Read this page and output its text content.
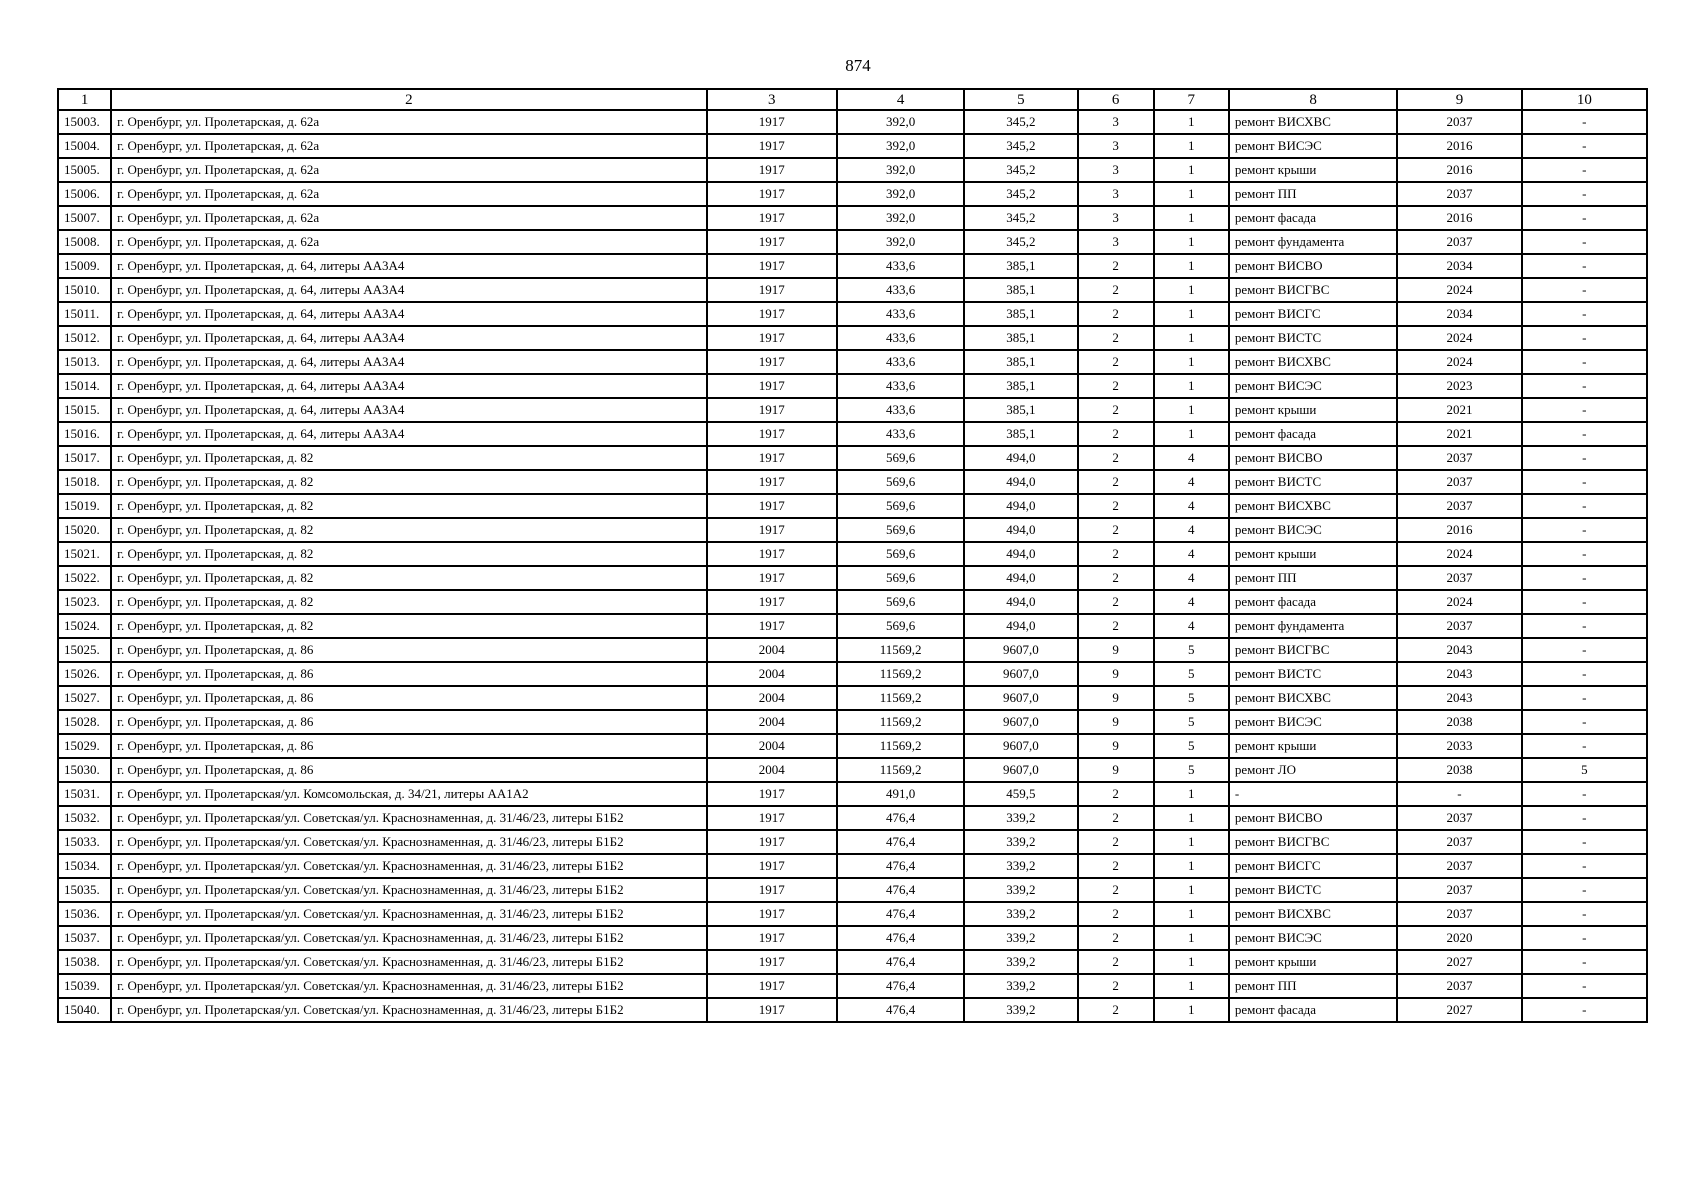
874
1	2	3	4	5	6	7	8	9	10
15003.	г. Оренбург, ул. Пролетарская, д. 62а	1917	392,0	345,2	3	1	ремонт ВИСХВС	2037	-
15004.	г. Оренбург, ул. Пролетарская, д. 62а	1917	392,0	345,2	3	1	ремонт ВИСЭС	2016	-
15005.	г. Оренбург, ул. Пролетарская, д. 62а	1917	392,0	345,2	3	1	ремонт крыши	2016	-
15006.	г. Оренбург, ул. Пролетарская, д. 62а	1917	392,0	345,2	3	1	ремонт ПП	2037	-
15007.	г. Оренбург, ул. Пролетарская, д. 62а	1917	392,0	345,2	3	1	ремонт фасада	2016	-
15008.	г. Оренбург, ул. Пролетарская, д. 62а	1917	392,0	345,2	3	1	ремонт фундамента	2037	-
15009.	г. Оренбург, ул. Пролетарская, д. 64, литеры АА3А4	1917	433,6	385,1	2	1	ремонт ВИСВО	2034	-
15010.	г. Оренбург, ул. Пролетарская, д. 64, литеры АА3А4	1917	433,6	385,1	2	1	ремонт ВИСГВС	2024	-
15011.	г. Оренбург, ул. Пролетарская, д. 64, литеры АА3А4	1917	433,6	385,1	2	1	ремонт ВИСГС	2034	-
15012.	г. Оренбург, ул. Пролетарская, д. 64, литеры АА3А4	1917	433,6	385,1	2	1	ремонт ВИСТС	2024	-
15013.	г. Оренбург, ул. Пролетарская, д. 64, литеры АА3А4	1917	433,6	385,1	2	1	ремонт ВИСХВС	2024	-
15014.	г. Оренбург, ул. Пролетарская, д. 64, литеры АА3А4	1917	433,6	385,1	2	1	ремонт ВИСЭС	2023	-
15015.	г. Оренбург, ул. Пролетарская, д. 64, литеры АА3А4	1917	433,6	385,1	2	1	ремонт крыши	2021	-
15016.	г. Оренбург, ул. Пролетарская, д. 64, литеры АА3А4	1917	433,6	385,1	2	1	ремонт фасада	2021	-
15017.	г. Оренбург, ул. Пролетарская, д. 82	1917	569,6	494,0	2	4	ремонт ВИСВО	2037	-
15018.	г. Оренбург, ул. Пролетарская, д. 82	1917	569,6	494,0	2	4	ремонт ВИСТС	2037	-
15019.	г. Оренбург, ул. Пролетарская, д. 82	1917	569,6	494,0	2	4	ремонт ВИСХВС	2037	-
15020.	г. Оренбург, ул. Пролетарская, д. 82	1917	569,6	494,0	2	4	ремонт ВИСЭС	2016	-
15021.	г. Оренбург, ул. Пролетарская, д. 82	1917	569,6	494,0	2	4	ремонт крыши	2024	-
15022.	г. Оренбург, ул. Пролетарская, д. 82	1917	569,6	494,0	2	4	ремонт ПП	2037	-
15023.	г. Оренбург, ул. Пролетарская, д. 82	1917	569,6	494,0	2	4	ремонт фасада	2024	-
15024.	г. Оренбург, ул. Пролетарская, д. 82	1917	569,6	494,0	2	4	ремонт фундамента	2037	-
15025.	г. Оренбург, ул. Пролетарская, д. 86	2004	11569,2	9607,0	9	5	ремонт ВИСГВС	2043	-
15026.	г. Оренбург, ул. Пролетарская, д. 86	2004	11569,2	9607,0	9	5	ремонт ВИСТС	2043	-
15027.	г. Оренбург, ул. Пролетарская, д. 86	2004	11569,2	9607,0	9	5	ремонт ВИСХВС	2043	-
15028.	г. Оренбург, ул. Пролетарская, д. 86	2004	11569,2	9607,0	9	5	ремонт ВИСЭС	2038	-
15029.	г. Оренбург, ул. Пролетарская, д. 86	2004	11569,2	9607,0	9	5	ремонт крыши	2033	-
15030.	г. Оренбург, ул. Пролетарская, д. 86	2004	11569,2	9607,0	9	5	ремонт ЛО	2038	5
15031.	г. Оренбург, ул. Пролетарская/ул. Комсомольская, д. 34/21, литеры АА1А2	1917	491,0	459,5	2	1	-	-	-
15032.	г. Оренбург, ул. Пролетарская/ул. Советская/ул. Краснознаменная, д. 31/46/23, литеры Б1Б2	1917	476,4	339,2	2	1	ремонт ВИСВО	2037	-
15033.	г. Оренбург, ул. Пролетарская/ул. Советская/ул. Краснознаменная, д. 31/46/23, литеры Б1Б2	1917	476,4	339,2	2	1	ремонт ВИСГВС	2037	-
15034.	г. Оренбург, ул. Пролетарская/ул. Советская/ул. Краснознаменная, д. 31/46/23, литеры Б1Б2	1917	476,4	339,2	2	1	ремонт ВИСГС	2037	-
15035.	г. Оренбург, ул. Пролетарская/ул. Советская/ул. Краснознаменная, д. 31/46/23, литеры Б1Б2	1917	476,4	339,2	2	1	ремонт ВИСТС	2037	-
15036.	г. Оренбург, ул. Пролетарская/ул. Советская/ул. Краснознаменная, д. 31/46/23, литеры Б1Б2	1917	476,4	339,2	2	1	ремонт ВИСХВС	2037	-
15037.	г. Оренбург, ул. Пролетарская/ул. Советская/ул. Краснознаменная, д. 31/46/23, литеры Б1Б2	1917	476,4	339,2	2	1	ремонт ВИСЭС	2020	-
15038.	г. Оренбург, ул. Пролетарская/ул. Советская/ул. Краснознаменная, д. 31/46/23, литеры Б1Б2	1917	476,4	339,2	2	1	ремонт крыши	2027	-
15039.	г. Оренбург, ул. Пролетарская/ул. Советская/ул. Краснознаменная, д. 31/46/23, литеры Б1Б2	1917	476,4	339,2	2	1	ремонт ПП	2037	-
15040.	г. Оренбург, ул. Пролетарская/ул. Советская/ул. Краснознаменная, д. 31/46/23, литеры Б1Б2	1917	476,4	339,2	2	1	ремонт фасада	2027	-
